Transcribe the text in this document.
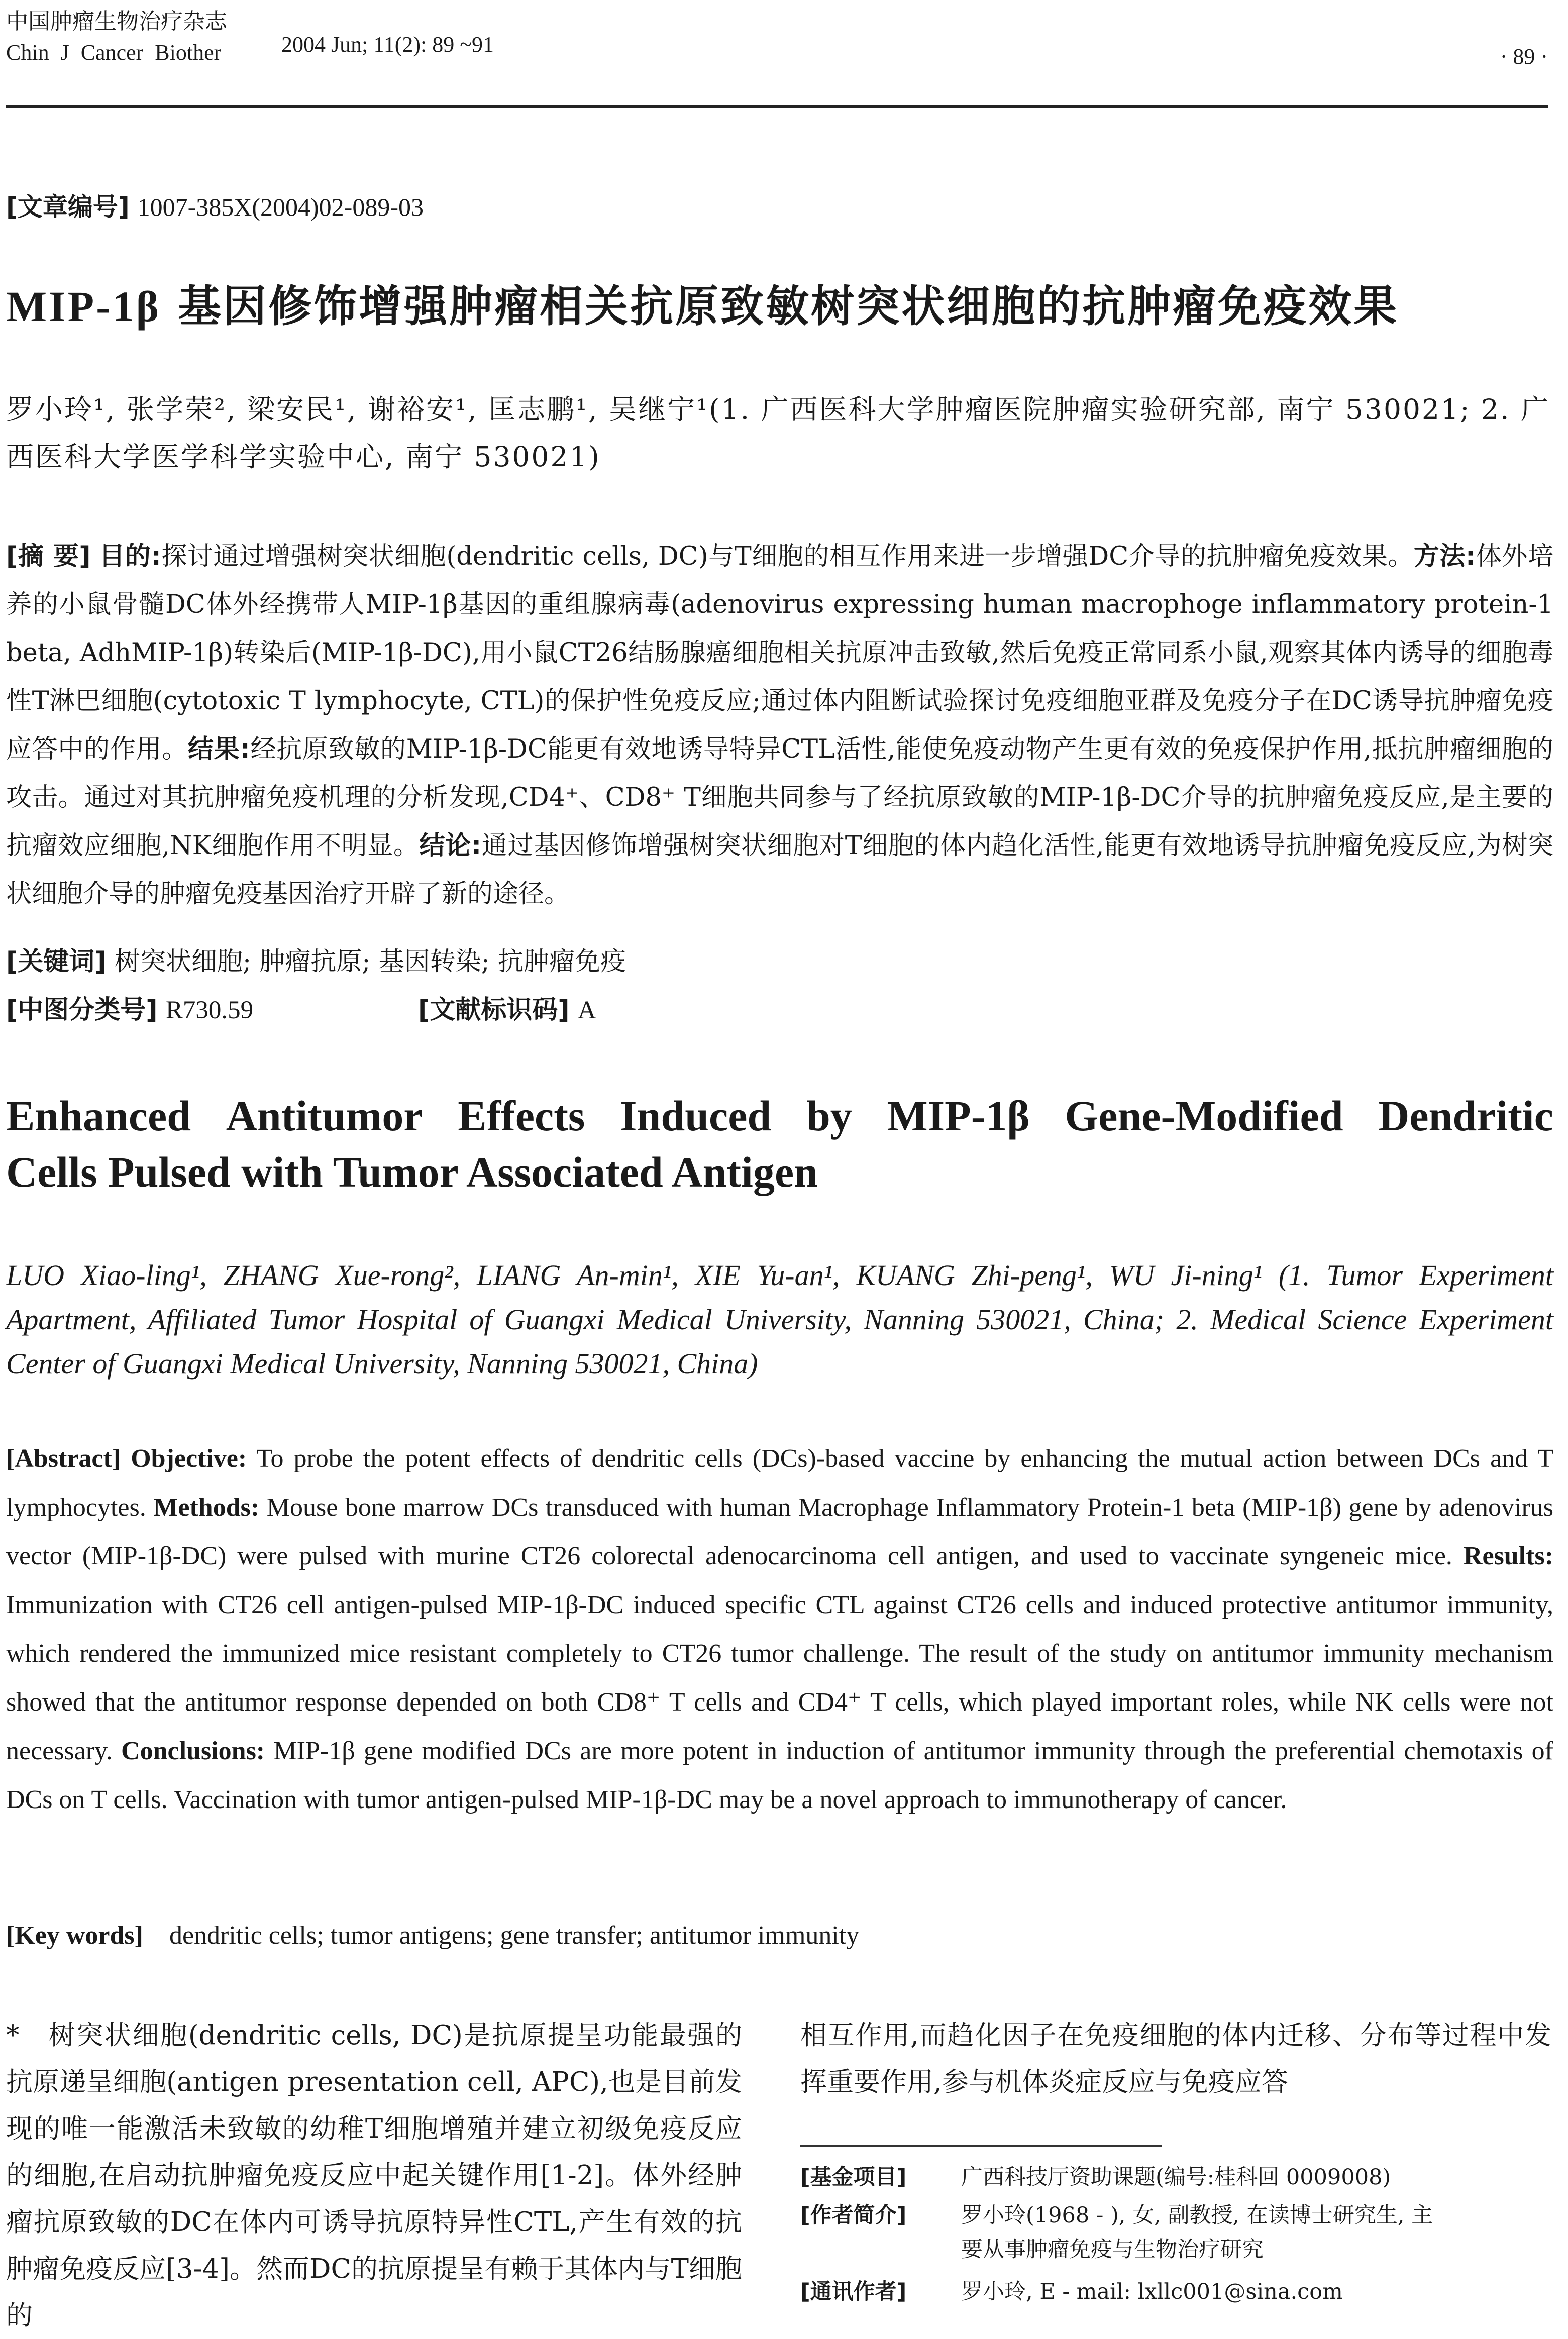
中国肿瘤生物治疗杂志
Chin J Cancer Biother	2004 Jun; 11(2): 89 ~91	· 89 ·
[文章编号] 1007-385X(2004)02-089-03
MIP-1β 基因修饰增强肿瘤相关抗原致敏树突状细胞的抗肿瘤免疫效果
罗小玲¹, 张学荣², 梁安民¹, 谢裕安¹, 匡志鹏¹, 吴继宁¹(1. 广西医科大学肿瘤医院肿瘤实验研究部, 南宁 530021; 2. 广西医科大学医学科学实验中心, 南宁 530021)
[摘 要] 目的:探讨通过增强树突状细胞(dendritic cells, DC)与T细胞的相互作用来进一步增强DC介导的抗肿瘤免疫效果。方法:体外培养的小鼠骨髓DC体外经携带人MIP-1β基因的重组腺病毒(adenovirus expressing human macrophoge inflammatory protein-1 beta, AdhMIP-1β)转染后(MIP-1β-DC),用小鼠CT26结肠腺癌细胞相关抗原冲击致敏,然后免疫正常同系小鼠,观察其体内诱导的细胞毒性T淋巴细胞(cytotoxic T lymphocyte, CTL)的保护性免疫反应;通过体内阻断试验探讨免疫细胞亚群及免疫分子在DC诱导抗肿瘤免疫应答中的作用。结果:经抗原致敏的MIP-1β-DC能更有效地诱导特异CTL活性,能使免疫动物产生更有效的免疫保护作用,抵抗肿瘤细胞的攻击。通过对其抗肿瘤免疫机理的分析发现,CD4⁺、CD8⁺ T细胞共同参与了经抗原致敏的MIP-1β-DC介导的抗肿瘤免疫反应,是主要的抗瘤效应细胞,NK细胞作用不明显。结论:通过基因修饰增强树突状细胞对T细胞的体内趋化活性,能更有效地诱导抗肿瘤免疫反应,为树突状细胞介导的肿瘤免疫基因治疗开辟了新的途径。
[关键词] 树突状细胞; 肿瘤抗原; 基因转染; 抗肿瘤免疫
[中图分类号] R730.59	[文献标识码] A
Enhanced Antitumor Effects Induced by MIP-1β Gene-Modified Dendritic
Cells Pulsed with Tumor Associated Antigen
LUO Xiao-ling¹, ZHANG Xue-rong², LIANG An-min¹, XIE Yu-an¹, KUANG Zhi-peng¹, WU Ji-ning¹ (1. Tumor Experiment Apartment, Affiliated Tumor Hospital of Guangxi Medical University, Nanning 530021, China; 2. Medical Science Experiment Center of Guangxi Medical University, Nanning 530021, China)
[Abstract] Objective: To probe the potent effects of dendritic cells (DCs)-based vaccine by enhancing the mutual action between DCs and T lymphocytes. Methods: Mouse bone marrow DCs transduced with human Macrophage Inflammatory Protein-1 beta (MIP-1β) gene by adenovirus vector (MIP-1β-DC) were pulsed with murine CT26 colorectal adenocarcinoma cell antigen, and used to vaccinate syngeneic mice. Results: Immunization with CT26 cell antigen-pulsed MIP-1β-DC induced specific CTL against CT26 cells and induced protective antitumor immunity, which rendered the immunized mice resistant completely to CT26 tumor challenge. The result of the study on antitumor immunity mechanism showed that the antitumor response depended on both CD8⁺ T cells and CD4⁺ T cells, which played important roles, while NK cells were not necessary. Conclusions: MIP-1β gene modified DCs are more potent in induction of antitumor immunity through the preferential chemotaxis of DCs on T cells. Vaccination with tumor antigen-pulsed MIP-1β-DC may be a novel approach to immunotherapy of cancer.
[Key words] dendritic cells; tumor antigens; gene transfer; antitumor immunity
*　树突状细胞(dendritic cells, DC)是抗原提呈功能最强的抗原递呈细胞(antigen presentation cell, APC),也是目前发现的唯一能激活未致敏的幼稚T细胞增殖并建立初级免疫反应的细胞,在启动抗肿瘤免疫反应中起关键作用[1-2]。体外经肿瘤抗原致敏的DC在体内可诱导抗原特异性CTL,产生有效的抗肿瘤免疫反应[3-4]。然而DC的抗原提呈有赖于其体内与T细胞的
相互作用,而趋化因子在免疫细胞的体内迁移、分布等过程中发挥重要作用,参与机体炎症反应与免疫应答
[基金项目]	广西科技厅资助课题(编号:桂科回 0009008)
[作者简介]	罗小玲(1968 - ), 女, 副教授, 在读博士研究生, 主
要从事肿瘤免疫与生物治疗研究
[通讯作者]	罗小玲, E - mail: lxllc001@sina.com
